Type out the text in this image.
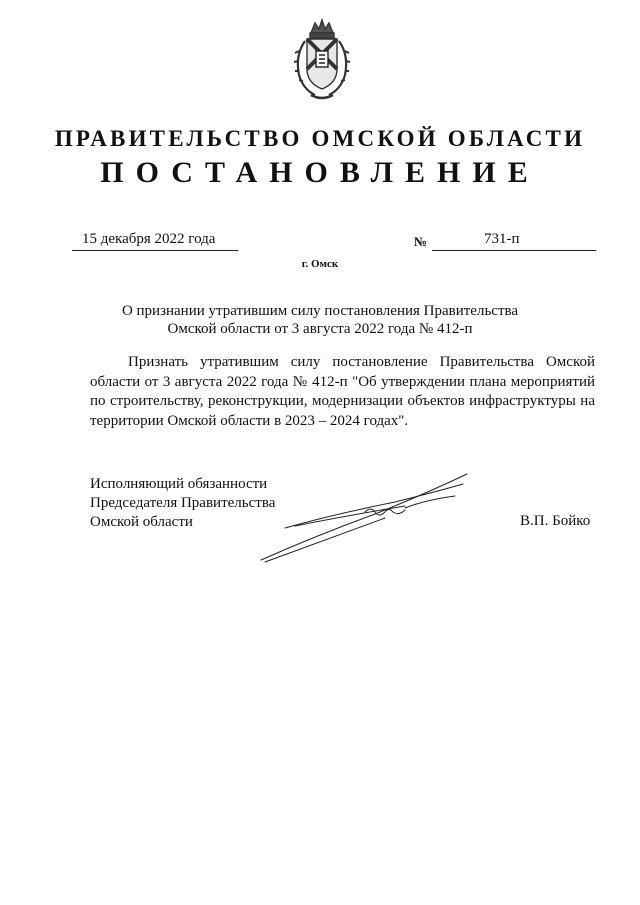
ПРАВИТЕЛЬСТВО ОМСКОЙ ОБЛАСТИ
ПОСТАНОВЛЕНИЕ
15 декабря 2022 года	№	731-п
г. Омск
О признании утратившим силу постановления Правительства Омской области от 3 августа 2022 года № 412-п
Признать утратившим силу постановление Правительства Омской области от 3 августа 2022 года № 412-п "Об утверждении плана мероприятий по строительству, реконструкции, модернизации объектов инфраструктуры на территории Омской области в 2023 – 2024 годах".
Исполняющий обязанности
Председателя Правительства
Омской области	В.П. Бойко
